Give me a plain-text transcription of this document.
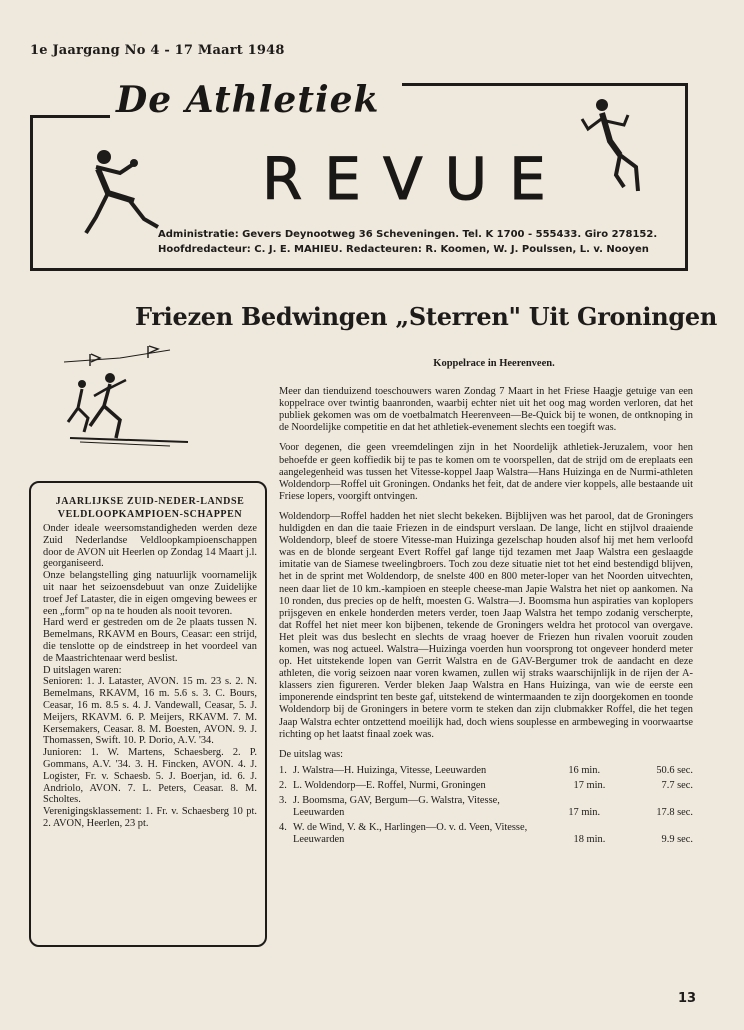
1e Jaargang No 4 - 17 Maart 1948
De Athletiek
REVUE
Administratie: Gevers Deynootweg 36 Scheveningen. Tel. K 1700 - 555433. Giro 278152.
Hoofdredacteur: C. J. E. MAHIEU. Redacteuren: R. Koomen, W. J. Poulssen, L. v. Nooyen
Friezen Bedwingen „Sterren" Uit Groningen
JAARLIJKSE ZUID-NEDER-LANDSE VELDLOOPKAMPIOEN-SCHAPPEN

Onder ideale weersomstandigheden werden deze Zuid Nederlandse Veldloopkampioenschappen door de AVON uit Heerlen op Zondag 14 Maart j.l. georganiseerd.

Onze belangstelling ging natuurlijk voornamelijk uit naar het seizoensdebuut van onze Zuidelijke troef Jef Lataster, die in eigen omgeving bewees er een „form" op na te houden als nooit tevoren.

Hard werd er gestreden om de 2e plaats tussen N. Bemelmans, RKAVM en Bours, Ceasar: een strijd, die tenslotte op de eindstreep in het voordeel van de Maastrichtenaar werd beslist.

D uitslagen waren:

Senioren: 1. J. Lataster, AVON. 15 m. 23 s. 2. N. Bemelmans, RKAVM, 16 m. 5.6 s. 3. C. Bours, Ceasar, 16 m. 8.5 s. 4. J. Vandewall, Ceasar, 5. J. Meijers, RKAVM. 6. P. Meijers, RKAVM. 7. M. Kersemakers, Ceasar. 8. M. Boesten, AVON. 9. J. Thomassen, Swift. 10. P. Dorio, A.V. '34.

Junioren: 1. W. Martens, Schaesberg. 2. P. Gommans, A.V. '34. 3. H. Fincken, AVON. 4. J. Logister, Fr. v. Schaesb. 5. J. Boerjan, id. 6. J. Andriolo, AVON. 7. L. Peters, Ceasar. 8. M. Scholtes.

Verenigingsklassement: 1. Fr. v. Schaesberg 10 pt. 2. AVON, Heerlen, 23 pt.

Koppelrace in Heerenveen.

Meer dan tienduizend toeschouwers waren Zondag 7 Maart in het Friese Haagje getuige van een koppelrace over twintig baanronden, waarbij echter niet uit het oog mag worden verloren, dat het publiek gekomen was om de voetbalmatch Heerenveen—Be-Quick bij te wonen, de ontknoping in de Noordelijke competitie en dat het athletiek-evenement slechts een toegift was.

Voor degenen, die geen vreemdelingen zijn in het Noordelijk athletiek-Jeruzalem, voor hen behoefde er geen koffiedik bij te pas te komen om te voorspellen, dat de strijd om de ereplaats een aangelegenheid was tussen het Vitesse-koppel Jaap Walstra—Hans Huizinga en de Nurmi-athleten Woldendorp—Roffel uit Groningen. Ondanks het feit, dat de andere vier koppels, alle bestaande uit Friese lopers, voorgift ontvingen.

Woldendorp—Roffel hadden het niet slecht bekeken. Bijblijven was het parool, dat de Groningers huldigden en dan die taaie Friezen in de eindspurt verslaan. De lange, licht en stijlvol draaiende Woldendorp, bleef de stoere Vitesse-man Huizinga gezelschap houden alsof hij met hem verloofd was en de blonde sergeant Evert Roffel gaf lange tijd tezamen met Jaap Walstra een geslaagde imitatie van de Siamese tweelingbroers. Toch zou deze situatie niet tot het eind bestendigd blijven, het in de sprint met Woldendorp, de snelste 400 en 800 meter-loper van het Noorden uitvechten, neen daar liet de 10 km.-kampioen en steeple cheese-man Japie Walstra het niet op aankomen. Na 10 ronden, dus precies op de helft, moesten G. Walstra—J. Boomsma hun aspiraties van koplopers prijsgeven en enkele honderden meters verder, toen Jaap Walstra het tempo zodanig verscherpte, dat Roffel het niet meer kon bijbenen, tekende de Groningers weldra het protocol van overgave. Het pleit was dus beslecht en slechts de vraag hoever de Friezen hun rivalen vooruit zouden komen, was nog actueel. Walstra—Huizinga voerden hun voorsprong tot ongeveer honderd meter op. Het uitstekende lopen van Gerrit Walstra en de GAV-Bergumer trok de aandacht en deze athleten, die vorig seizoen naar voren kwamen, zullen wij straks waarschijnlijk in de rijen der A-klassers zien figureren. Verder bleken Jaap Walstra en Hans Huizinga, van wie de eerste een imponerende eindsprint ten beste gaf, uitstekend de wintermaanden te zijn doorgekomen en toonde Woldendorp bij de Groningers in betere vorm te steken dan zijn clubmakker Roffel, die het tegen Jaap Walstra echter ontzettend moeilijk had, doch wiens souplesse en armbeweging in voorwaartse richting op het laatst finaal zoek was.

De uitslag was:
1. J. Walstra—H. Huizinga, Vitesse, Leeuwarden	16 min.	50.6 sec.
2. L. Woldendorp—E. Roffel, Nurmi, Groningen	17 min.	7.7 sec.
3. J. Boomsma, GAV, Bergum—G. Walstra, Vitesse,
Leeuwarden	17 min.	17.8 sec.
4. W. de Wind, V. & K., Harlingen—O. v. d. Veen, Vitesse,
Leeuwarden	18 min.	9.9 sec.
13
